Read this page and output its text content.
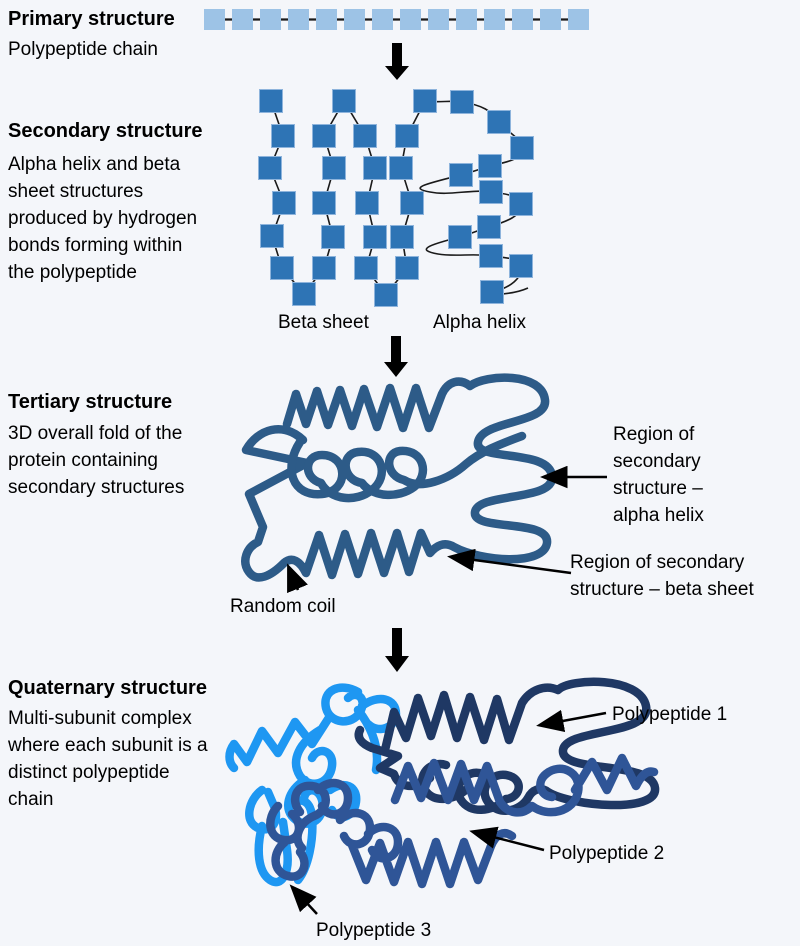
Primary structure
Polypeptide chain
Secondary structure
Alpha helix and beta
sheet structures
produced by hydrogen
bonds forming within
the polypeptide
Beta sheet	Alpha helix
Tertiary structure
3D overall fold of the
protein containing
secondary structures
Region of
secondary
structure –
alpha helix
Region of secondary
structure – beta sheet
Random coil
Quaternary structure
Multi-subunit complex
where each subunit is a
distinct polypeptide
chain
Polypeptide 1
Polypeptide 2
Polypeptide 3
